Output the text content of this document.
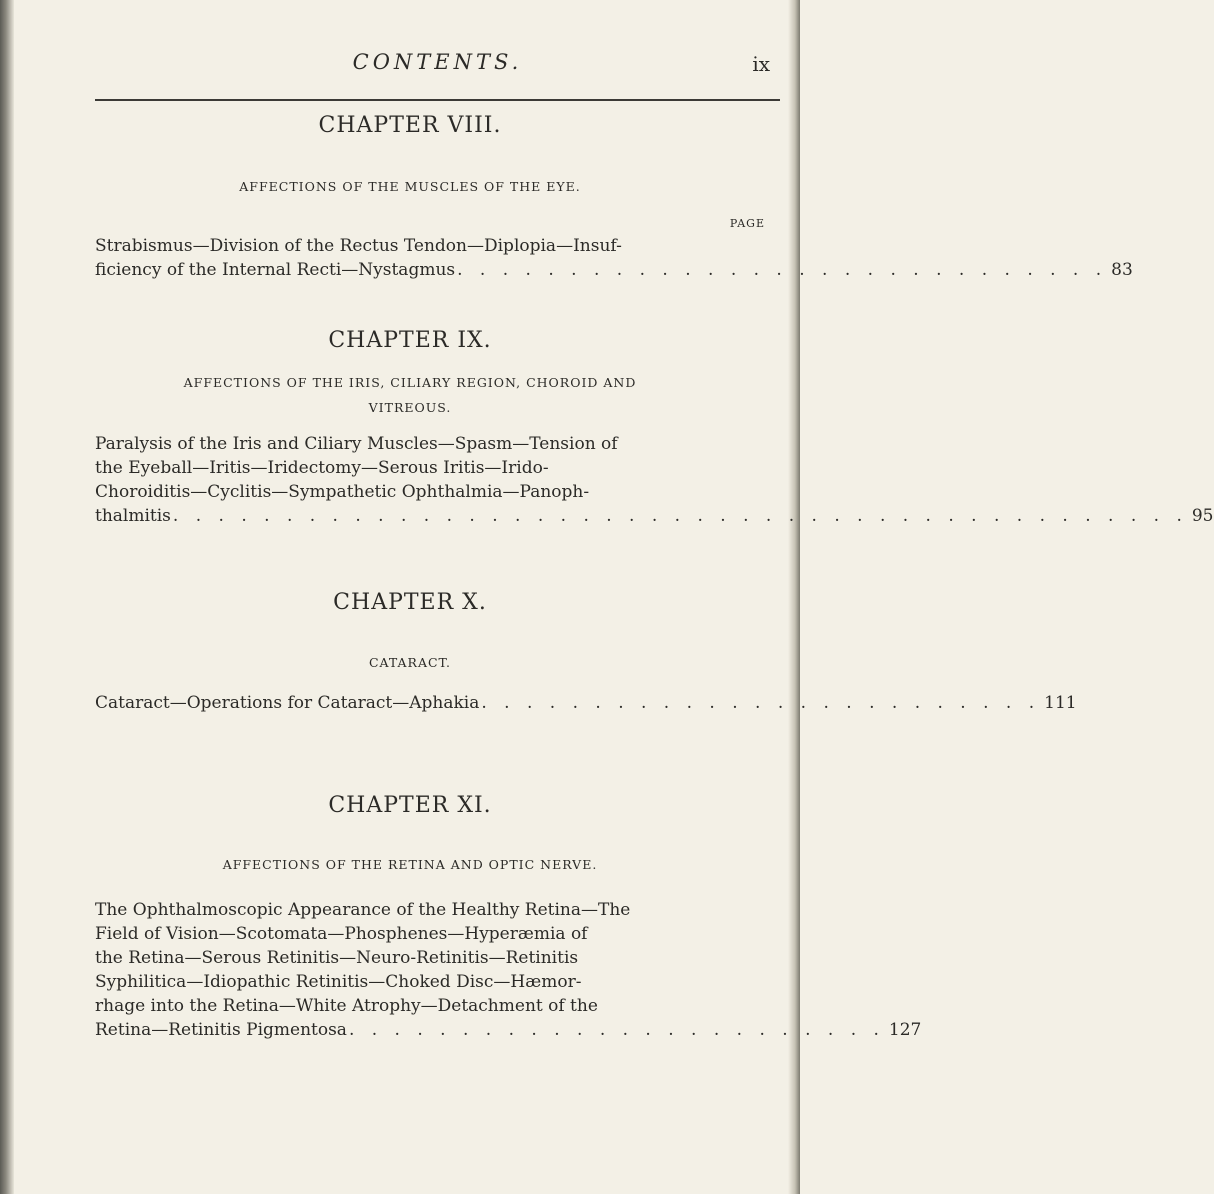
CONTENTS.	ix
CHAPTER VIII.
AFFECTIONS OF THE MUSCLES OF THE EYE.
PAGE
Strabismus—Division of the Rectus Tendon—Diplopia—Insuf-
ficiency of the Internal Recti—Nystagmus . . . . . . . . . . . . . . . . . . . . . . . . . . . . . 83
CHAPTER IX.
AFFECTIONS OF THE IRIS, CILIARY REGION, CHOROID AND
VITREOUS.
Paralysis of the Iris and Ciliary Muscles—Spasm—Tension of
the Eyeball—Iritis—Iridectomy—Serous Iritis—Irido-
Choroiditis—Cyclitis—Sympathetic Ophthalmia—Panoph-
thalmitis . . . . . . . . . . . . . . . . . . . . . . . . . . . . . . . . . . . . . . . . . . . . . 95
CHAPTER X.
CATARACT.
Cataract—Operations for Cataract—Aphakia . . . . . . . . . . . . . . . . . . . . . . . . . 111
CHAPTER XI.
AFFECTIONS OF THE RETINA AND OPTIC NERVE.
The Ophthalmoscopic Appearance of the Healthy Retina—The
Field of Vision—Scotomata—Phosphenes—Hyperæmia of
the Retina—Serous Retinitis—Neuro-Retinitis—Retinitis
Syphilitica—Idiopathic Retinitis—Choked Disc—Hæmor-
rhage into the Retina—White Atrophy—Detachment of the
Retina—Retinitis Pigmentosa . . . . . . . . . . . . . . . . . . . . . . . . 127
